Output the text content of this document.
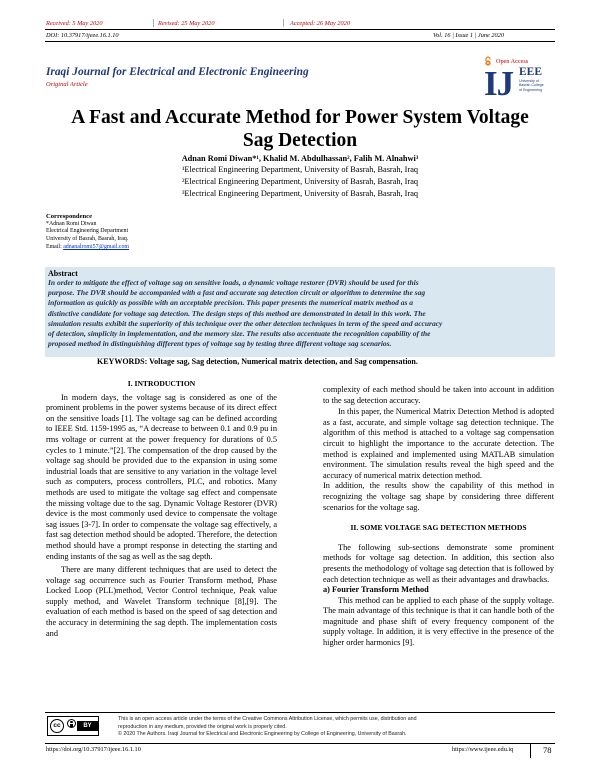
Received: 5 May 2020	| Revised: 25 May 2020	| Accepted: 26 May 2020
DOI: 10.37917/ijeee.16.1.10	Vol. 16 | Issue 1 | June 2020
Open Access
IJ EEE
University of Basrah College of Engineering
Iraqi Journal for Electrical and Electronic Engineering
Original Article
A Fast and Accurate Method for Power System Voltage
Sag Detection
Adnan Romi Diwan*¹, Khalid M. Abdulhassan², Falih M. Alnahwi³
¹Electrical Engineering Department, University of Basrah, Basrah, Iraq
²Electrical Engineering Department, University of Basrah, Basrah, Iraq
³Electrical Engineering Department, University of Basrah, Basrah, Iraq
Correspondence
*Adnan Romi Diwan
Electrical Engineering Department
University of Basrah, Basrah, Iraq.
Email: adnanalromi57@gmail.com
Abstract
In order to mitigate the effect of voltage sag on sensitive loads, a dynamic voltage restorer (DVR) should be used for this
purpose. The DVR should be accompanied with a fast and accurate sag detection circuit or algorithm to determine the sag
information as quickly as possible with an acceptable precision. This paper presents the numerical matrix method as a
distinctive candidate for voltage sag detection. The design steps of this method are demonstrated in detail in this work. The
simulation results exhibit the superiority of this technique over the other detection techniques in term of the speed and accuracy
of detection, simplicity in implementation, and the memory size. The results also accentuate the recognition capability of the
proposed method in distinguishing different types of voltage sag by testing three different voltage sag scenarios.
KEYWORDS: Voltage sag, Sag detection, Numerical matrix detection, and Sag compensation.
I. INTRODUCTION

In modern days, the voltage sag is considered as one of the prominent problems in the power systems because of its direct effect on the sensitive loads [1]. The voltage sag can be defined according to IEEE Std. 1159-1995 as, “A decrease to between 0.1 and 0.9 pu in rms voltage or current at the power frequency for durations of 0.5 cycles to 1 minute.”[2]. The compensation of the drop caused by the voltage sag should be provided due to the expansion in using some industrial loads that are sensitive to any variation in the voltage level such as computers, process controllers, PLC, and robotics. Many methods are used to mitigate the voltage sag effect and compensate the missing voltage due to the sag. Dynamic Voltage Restorer (DVR) device is the most commonly used device to compensate the voltage sag issues [3-7]. In order to compensate the voltage sag effectively, a fast sag detection method should be adopted. Therefore, the detection method should have a prompt response in detecting the starting and ending instants of the sag as well as the sag depth.

There are many different techniques that are used to detect the voltage sag occurrence such as Fourier Transform method, Phase Locked Loop (PLL)method, Vector Control technique, Peak value supply method, and Wavelet Transform technique [8],[9]. The evaluation of each method is based on the speed of sag detection and the accuracy in determining the sag depth. The implementation costs and

complexity of each method should be taken into account in addition to the sag detection accuracy.

In this paper, the Numerical Matrix Detection Method is adopted as a fast, accurate, and simple voltage sag detection technique. The algorithm of this method is attached to a voltage sag compensation circuit to highlight the importance to the accurate detection. The method is explained and implemented using MATLAB simulation environment. The simulation results reveal the high speed and the accuracy of numerical matrix detection method.

In addition, the results show the capability of this method in recognizing the voltage sag shape by considering three different scenarios for the voltage sag.

II. SOME VOLTAGE SAG DETECTION METHODS

The following sub-sections demonstrate some prominent methods for voltage sag detection. In addition, this section also presents the methodology of voltage sag detection that is followed by each detection technique as well as their advantages and drawbacks.

a) Fourier Transform Method

This method can be applied to each phase of the supply voltage. The main advantage of this technique is that it can handle both of the magnitude and phase shift of every frequency component of the supply voltage. In addition, it is very effective in the presence of the higher order harmonics [9].

cc	BY
This is an open access article under the terms of the Creative Commons Attribution License, which permits use, distribution and
reproduction in any medium, provided the original work is properly cited.
© 2020 The Authors. Iraqi Journal for Electrical and Electronic Engineering by College of Engineering, University of Basrah.
https://doi.org/10.37917/ijeee.16.1.10	https://www.ijeee.edu.iq	78
